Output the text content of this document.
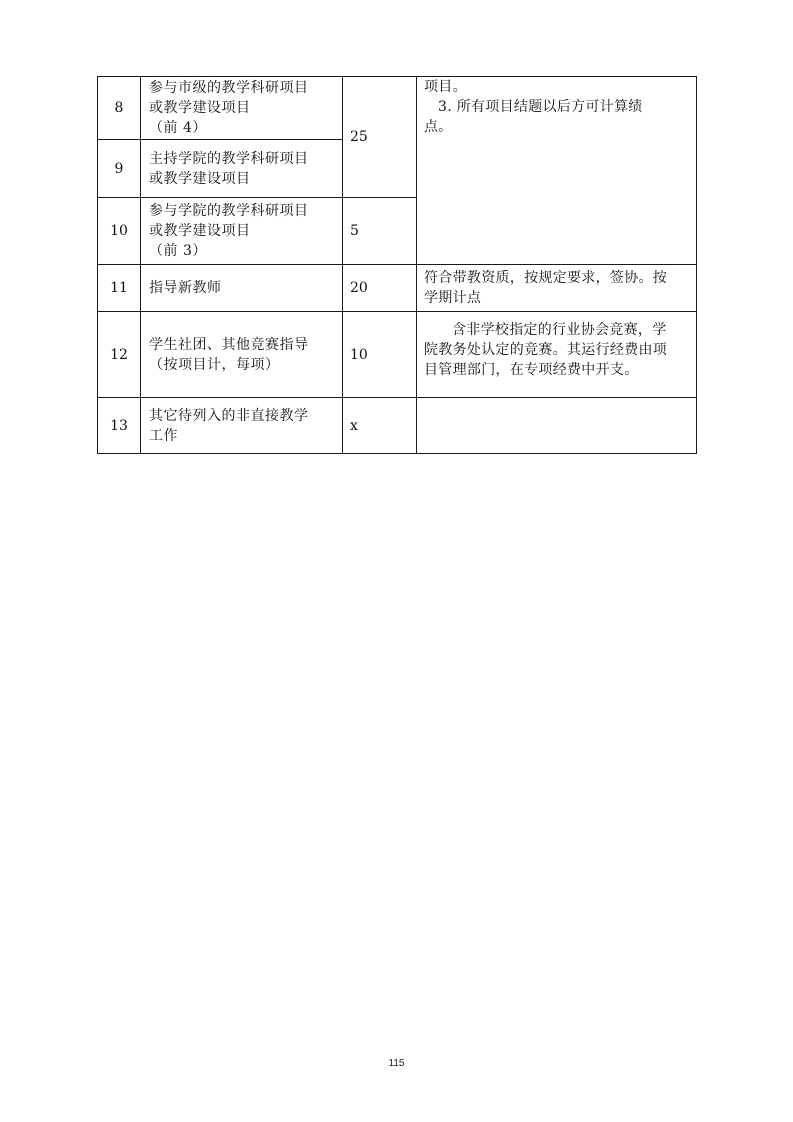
8	参与市级的教学科研项目
或教学建设项目
（前 4）	25	项目。
3. 所有项目结题以后方可计算绩
点。

9	主持学院的教学科研项目
或教学建设项目		

10	参与学院的教学科研项目
或教学建设项目
（前 3）	5	
11	指导新教师	20	符合带教资质，按规定要求，签协。按
学期计点

12	学生社团、其他竞赛指导
（按项目计，每项）	10	含非学校指定的行业协会竞赛，学
院教务处认定的竞赛。其运行经费由项
目管理部门，在专项经费中开支。

13	其它待列入的非直接教学
工作	x	
115
